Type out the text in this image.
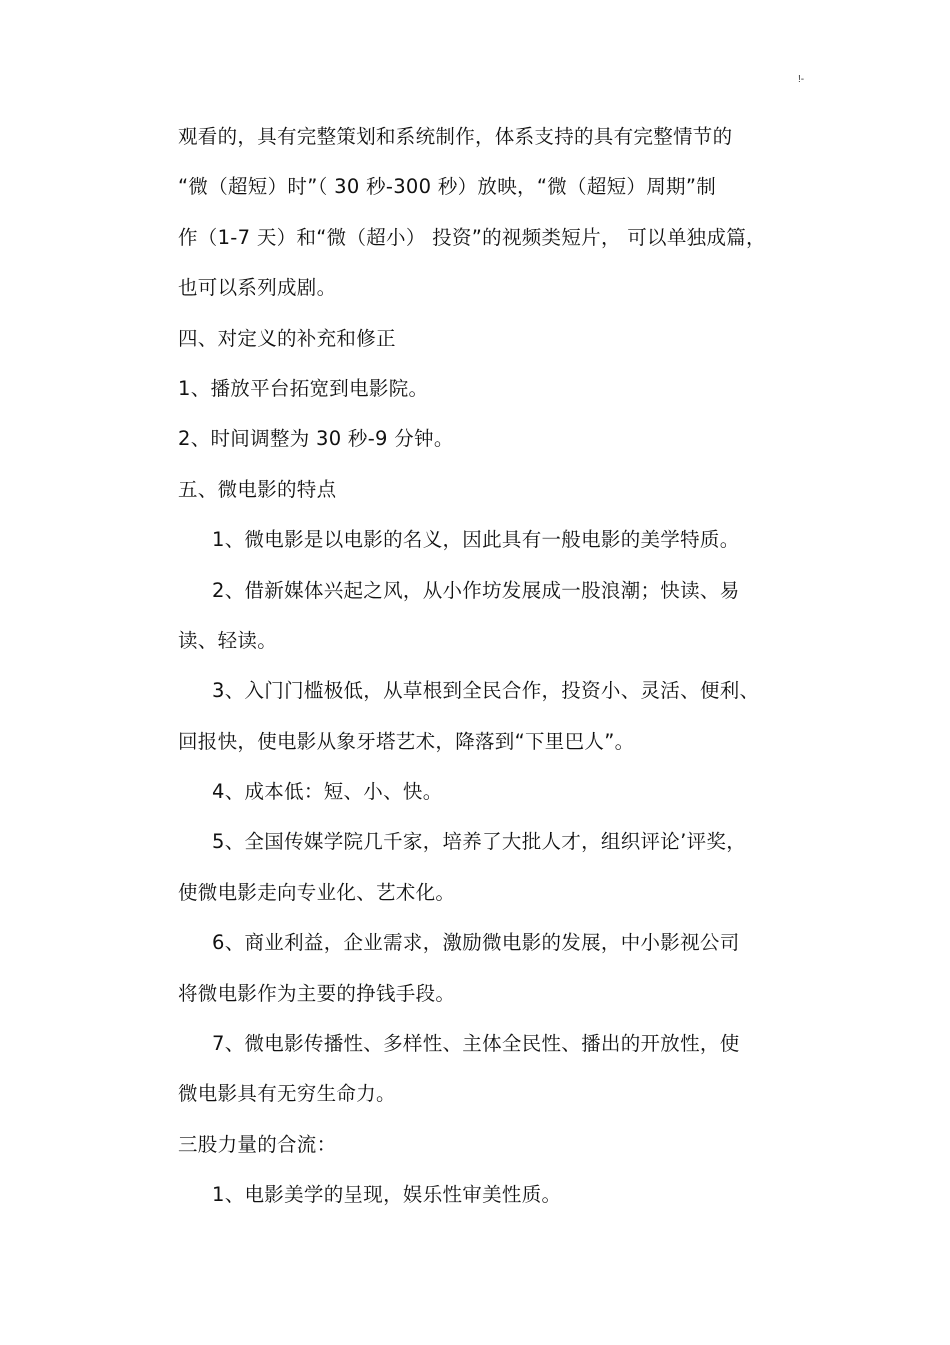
!-
观看的，具有完整策划和系统制作，体系支持的具有完整情节的
“微（超短）时”（ 30 秒-300 秒）放映，“微（超短）周期”制
作（1-7 天）和“微（超小） 投资”的视频类短片， 可以单独成篇，
也可以系列成剧。
四、对定义的补充和修正
1、播放平台拓宽到电影院。
2、时间调整为 30 秒-9 分钟。
五、微电影的特点
1、微电影是以电影的名义，因此具有一般电影的美学特质。
2、借新媒体兴起之风，从小作坊发展成一股浪潮；快读、易
读、轻读。
3、入门门槛极低，从草根到全民合作，投资小、灵活、便利、
回报快，使电影从象牙塔艺术，降落到“下里巴人”。
4、成本低：短、小、快。
5、全国传媒学院几千家，培养了大批人才，组织评论’评奖，
使微电影走向专业化、艺术化。
6、商业利益，企业需求，激励微电影的发展，中小影视公司
将微电影作为主要的挣钱手段。
7、微电影传播性、多样性、主体全民性、播出的开放性，使
微电影具有无穷生命力。
三股力量的合流：
1、电影美学的呈现，娱乐性审美性质。
